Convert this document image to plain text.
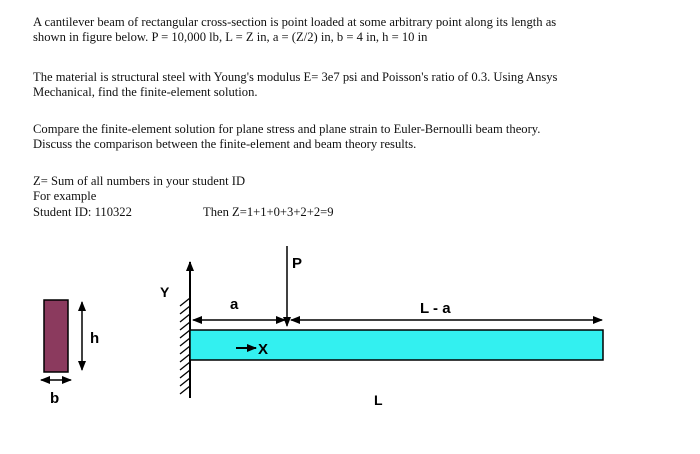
A cantilever beam of rectangular cross-section is point loaded at some arbitrary point along its length as

shown in figure below. P = 10,000 lb, L = Z in, a = (Z/2) in, b = 4 in, h = 10 in

The material is structural steel with Young's modulus E= 3e7 psi and Poisson's ratio of 0.3. Using Ansys

Mechanical, find the finite-element solution.

Compare the finite-element solution for plane stress and plane strain to Euler-Bernoulli beam theory.

Discuss the comparison between the finite-element and beam theory results.

Z= Sum of all numbers in your student ID

For example

Student ID: 110322	Then Z=1+1+0+3+2+2=9
h
b
Y
X
a
P
L - a
L
